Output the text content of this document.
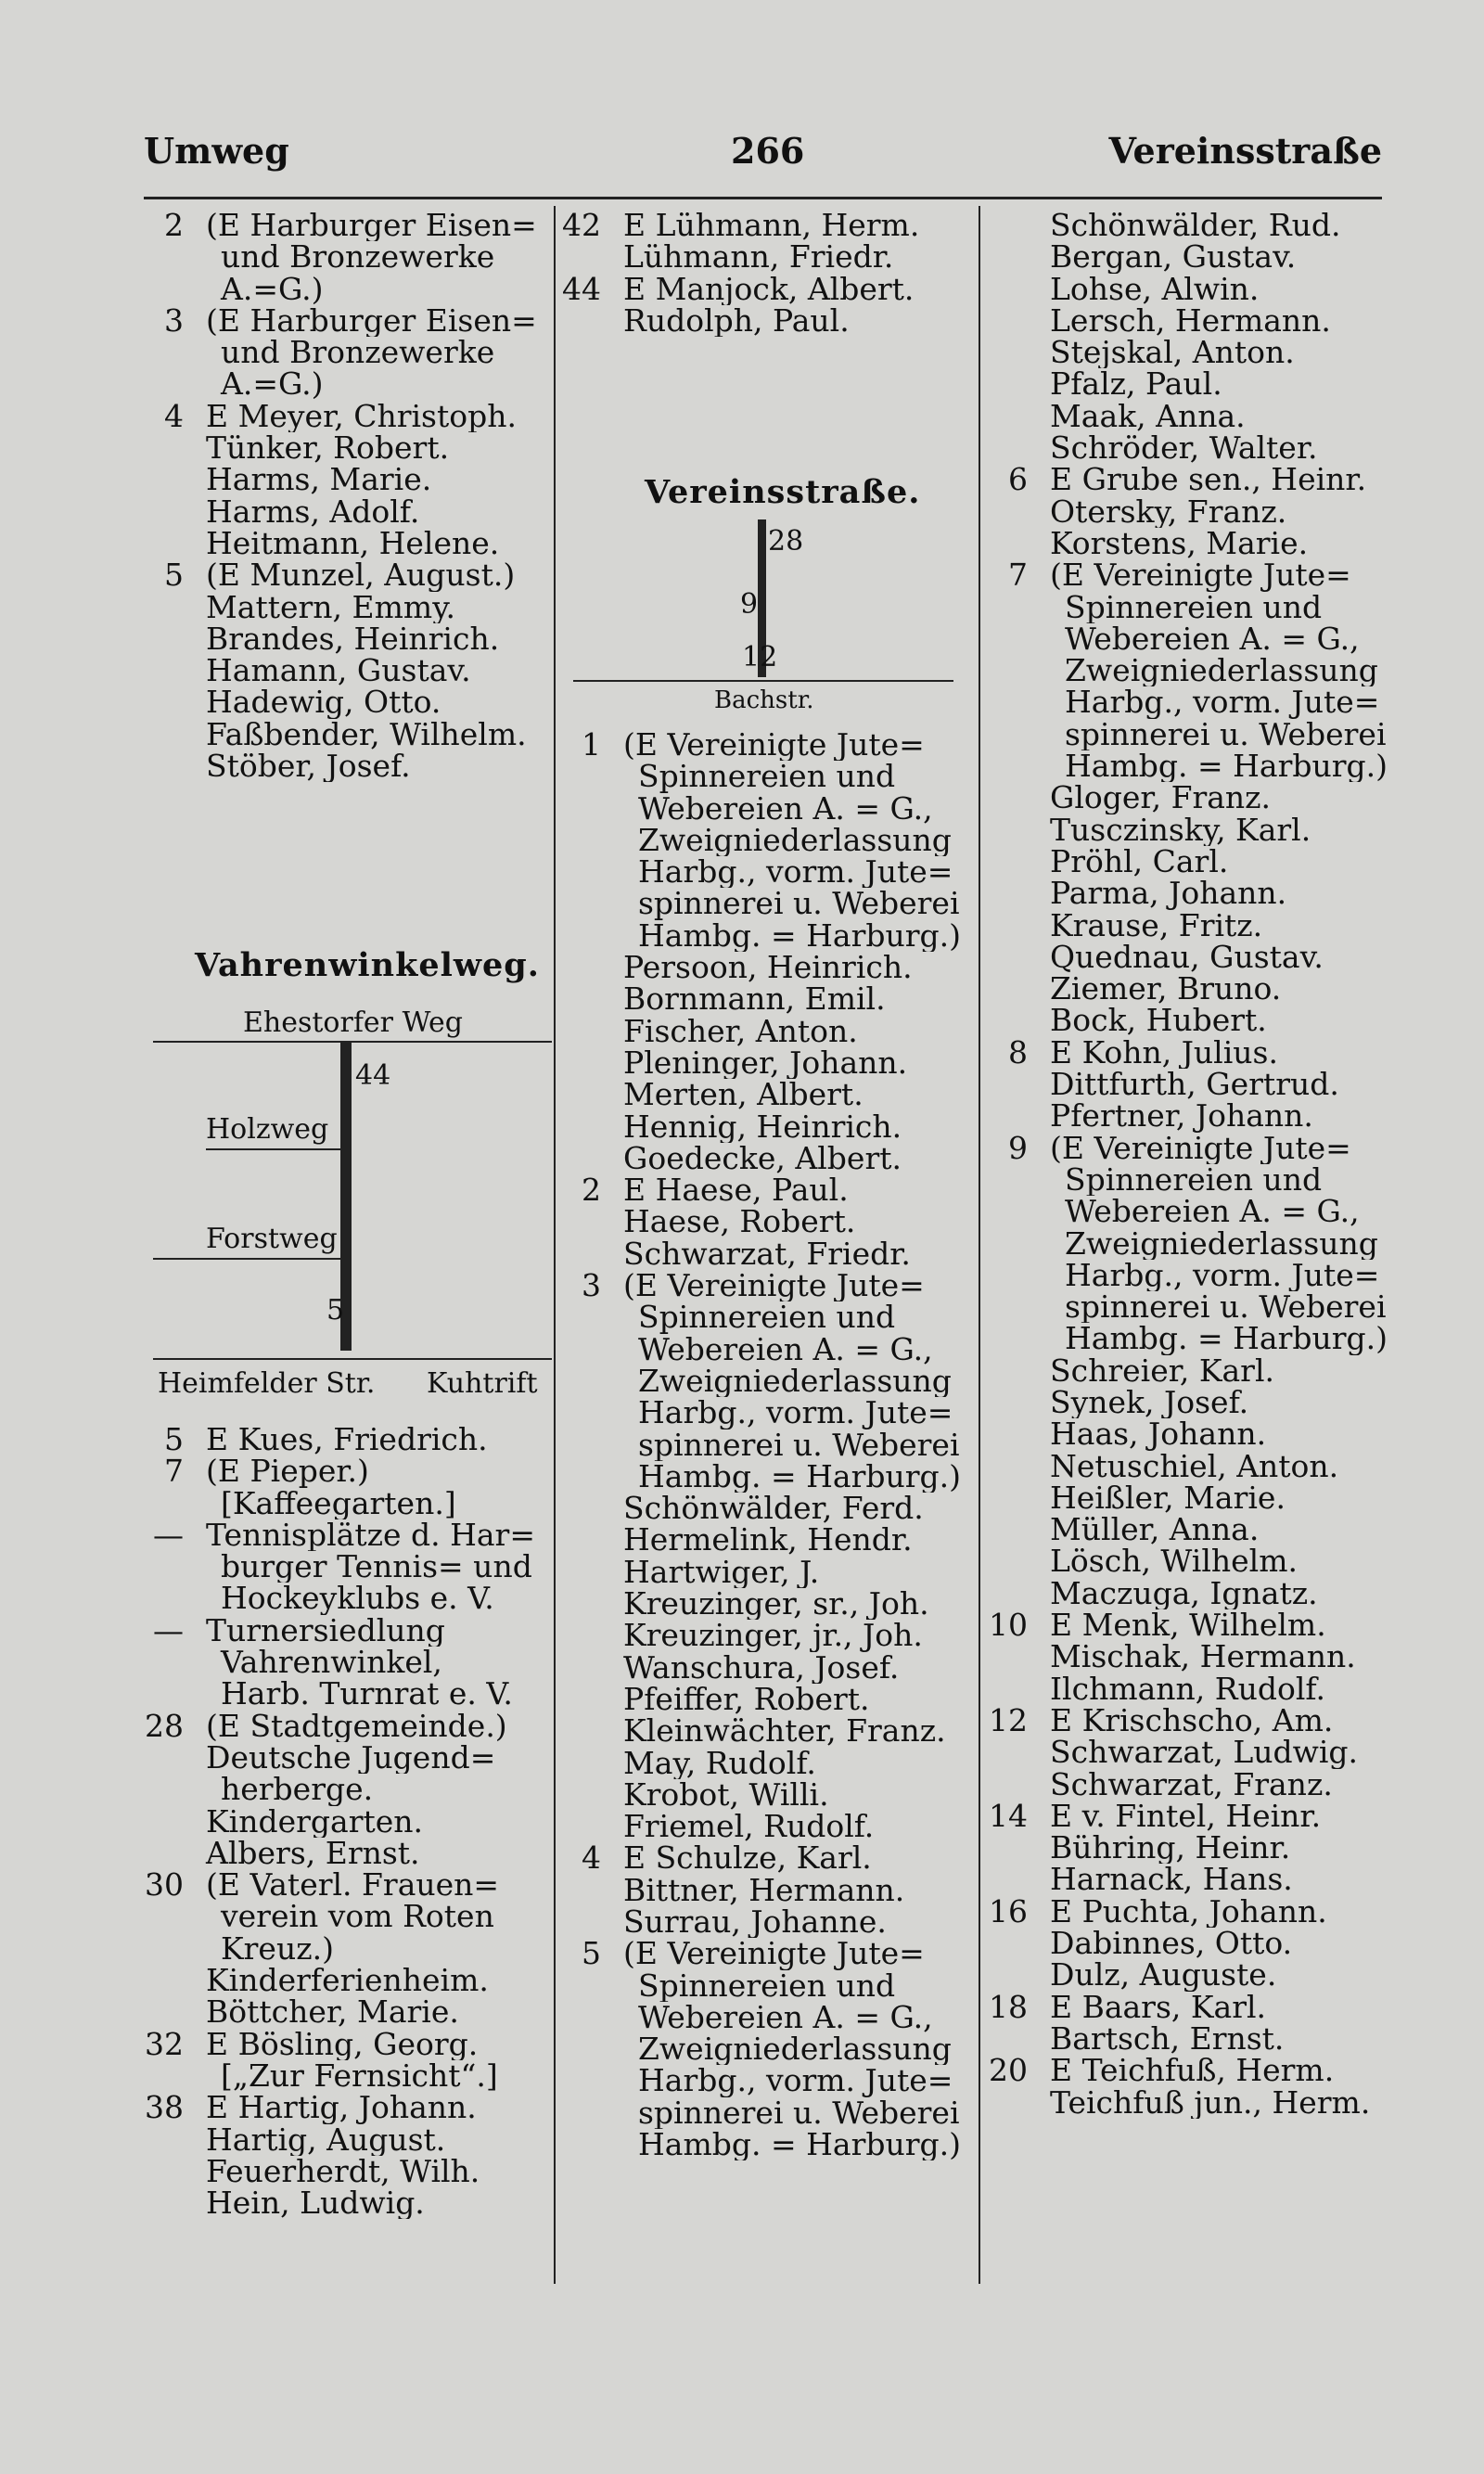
Umweg	266	Vereinsstraße
2 (E Harburger Eisen=
und Bronzewerke
A.=G.)
3 (E Harburger Eisen=
und Bronzewerke
A.=G.)
4 E Meyer, Christoph.
Tünker, Robert.
Harms, Marie.
Harms, Adolf.
Heitmann, Helene.
5 (E Munzel, August.)
Mattern, Emmy.
Brandes, Heinrich.
Hamann, Gustav.
Hadewig, Otto.
Faßbender, Wilhelm.
Stöber, Josef.
Vahrenwinkelweg.
Ehestorfer Weg
44
Holzweg
Forstweg
5
Heimfelder Str. Kuhtrift
5 E Kues, Friedrich.
7 (E Pieper.)
[Kaffeegarten.]
— Tennisplätze d. Har=
burger Tennis= und
Hockeyklubs e. V.
— Turnersiedlung
Vahrenwinkel,
Harb. Turnrat e. V.
28 (E Stadtgemeinde.)
Deutsche Jugend=
herberge.
Kindergarten.
Albers, Ernst.
30 (E Vaterl. Frauen=
verein vom Roten
Kreuz.)
Kinderferienheim.
Böttcher, Marie.
32 E Bösling, Georg.
[„Zur Fernsicht“.]
38 E Hartig, Johann.
Hartig, August.
Feuerherdt, Wilh.
Hein, Ludwig.
42 E Lühmann, Herm.
Lühmann, Friedr.
44 E Manjock, Albert.
Rudolph, Paul.
Vereinsstraße.
28
9
12
Bachstr.
1 (E Vereinigte Jute=
Spinnereien und
Webereien A. = G.,
Zweigniederlassung
Harbg., vorm. Jute=
spinnerei u. Weberei
Hambg. = Harburg.)
Persoon, Heinrich.
Bornmann, Emil.
Fischer, Anton.
Pleninger, Johann.
Merten, Albert.
Hennig, Heinrich.
Goedecke, Albert.
2 E Haese, Paul.
Haese, Robert.
Schwarzat, Friedr.
3 (E Vereinigte Jute=
Spinnereien und
Webereien A. = G.,
Zweigniederlassung
Harbg., vorm. Jute=
spinnerei u. Weberei
Hambg. = Harburg.)
Schönwälder, Ferd.
Hermelink, Hendr.
Hartwiger, J.
Kreuzinger, sr., Joh.
Kreuzinger, jr., Joh.
Wanschura, Josef.
Pfeiffer, Robert.
Kleinwächter, Franz.
May, Rudolf.
Krobot, Willi.
Friemel, Rudolf.
4 E Schulze, Karl.
Bittner, Hermann.
Surrau, Johanne.
5 (E Vereinigte Jute=
Spinnereien und
Webereien A. = G.,
Zweigniederlassung
Harbg., vorm. Jute=
spinnerei u. Weberei
Hambg. = Harburg.)
Schönwälder, Rud.
Bergan, Gustav.
Lohse, Alwin.
Lersch, Hermann.
Stejskal, Anton.
Pfalz, Paul.
Maak, Anna.
Schröder, Walter.
6 E Grube sen., Heinr.
Otersky, Franz.
Korstens, Marie.
7 (E Vereinigte Jute=
Spinnereien und
Webereien A. = G.,
Zweigniederlassung
Harbg., vorm. Jute=
spinnerei u. Weberei
Hambg. = Harburg.)
Gloger, Franz.
Tusczinsky, Karl.
Pröhl, Carl.
Parma, Johann.
Krause, Fritz.
Quednau, Gustav.
Ziemer, Bruno.
Bock, Hubert.
8 E Kohn, Julius.
Dittfurth, Gertrud.
Pfertner, Johann.
9 (E Vereinigte Jute=
Spinnereien und
Webereien A. = G.,
Zweigniederlassung
Harbg., vorm. Jute=
spinnerei u. Weberei
Hambg. = Harburg.)
Schreier, Karl.
Synek, Josef.
Haas, Johann.
Netuschiel, Anton.
Heißler, Marie.
Müller, Anna.
Lösch, Wilhelm.
Maczuga, Ignatz.
10 E Menk, Wilhelm.
Mischak, Hermann.
Ilchmann, Rudolf.
12 E Krischscho, Am.
Schwarzat, Ludwig.
Schwarzat, Franz.
14 E v. Fintel, Heinr.
Bühring, Heinr.
Harnack, Hans.
16 E Puchta, Johann.
Dabinnes, Otto.
Dulz, Auguste.
18 E Baars, Karl.
Bartsch, Ernst.
20 E Teichfuß, Herm.
Teichfuß jun., Herm.
